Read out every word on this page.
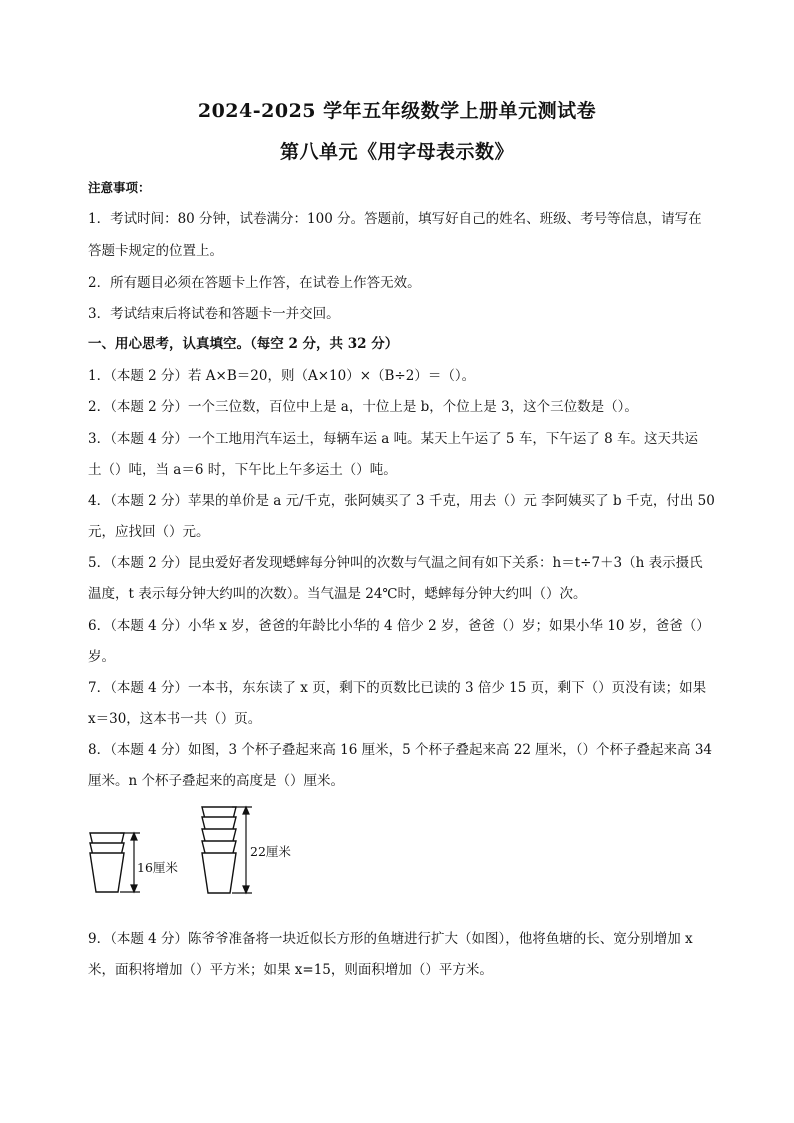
2024-2025 学年五年级数学上册单元测试卷
第八单元《用字母表示数》
注意事项：
1．考试时间：80 分钟，试卷满分：100 分。答题前，填写好自己的姓名、班级、考号等信息，请写在
答题卡规定的位置上。
2．所有题目必须在答题卡上作答，在试卷上作答无效。
3．考试结束后将试卷和答题卡一并交回。
一、用心思考，认真填空。（每空 2 分，共 32 分）
1．（本题 2 分）若 A×B＝20，则（A×10）×（B÷2）＝（）。
2．（本题 2 分）一个三位数，百位中上是 a，十位上是 b，个位上是 3，这个三位数是（）。
3．（本题 4 分）一个工地用汽车运土，每辆车运 a 吨。某天上午运了 5 车，下午运了 8 车。这天共运
土（）吨，当 a＝6 时，下午比上午多运土（）吨。
4．（本题 2 分）苹果的单价是 a 元/千克，张阿姨买了 3 千克，用去（）元 李阿姨买了 b 千克，付出 50
元，应找回（）元。
5．（本题 2 分）昆虫爱好者发现蟋蟀每分钟叫的次数与气温之间有如下关系：h＝t÷7＋3（h 表示摄氏
温度，t 表示每分钟大约叫的次数）。当气温是 24℃时，蟋蟀每分钟大约叫（）次。
6．（本题 4 分）小华 x 岁，爸爸的年龄比小华的 4 倍少 2 岁，爸爸（）岁；如果小华 10 岁，爸爸（）
岁。
7．（本题 4 分）一本书，东东读了 x 页，剩下的页数比已读的 3 倍少 15 页，剩下（）页没有读；如果
x＝30，这本书一共（）页。
8．（本题 4 分）如图，3 个杯子叠起来高 16 厘米，5 个杯子叠起来高 22 厘米，（）个杯子叠起来高 34
厘米。n 个杯子叠起来的高度是（）厘米。
16厘米
22厘米
9．（本题 4 分）陈爷爷准备将一块近似长方形的鱼塘进行扩大（如图），他将鱼塘的长、宽分别增加 x
米，面积将增加（）平方米；如果 x=15，则面积增加（）平方米。
